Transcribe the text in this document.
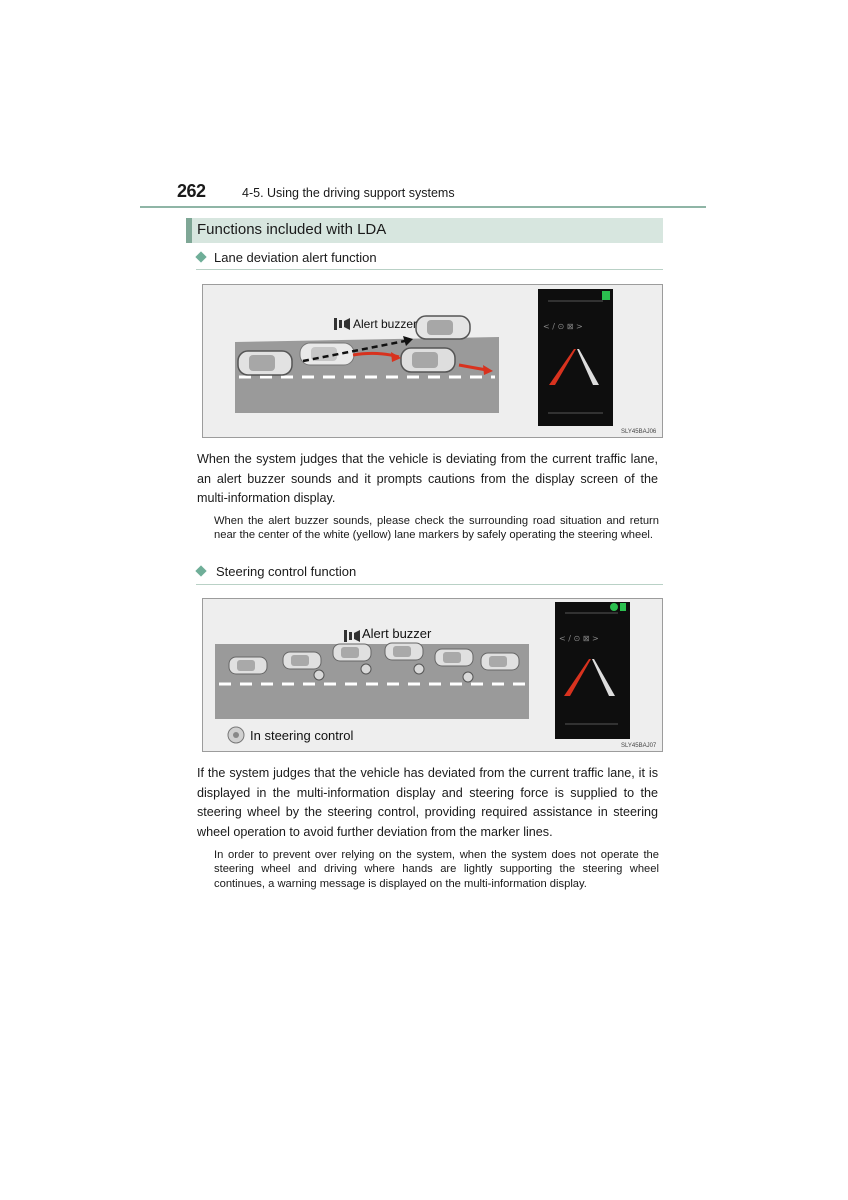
262	4-5. Using the driving support systems
Functions included with LDA
Lane deviation alert function
< / ⊙ ⊠ >
Alert buzzer
SLY45BAJ06
When the system judges that the vehicle is deviating from the current traffic lane, an alert buzzer sounds and it prompts cautions from the display screen of the multi-information display.
When the alert buzzer sounds, please check the surrounding road situation and return near the center of the white (yellow) lane markers by safely operating the steering wheel.
Steering control function
< / ⊙ ⊠ >
Alert buzzer
In steering control
SLY45BAJ07
If the system judges that the vehicle has deviated from the current traffic lane, it is displayed in the multi-information display and steering force is supplied to the steering wheel by the steering control, providing required assistance in steering wheel operation to avoid further deviation from the marker lines.
In order to prevent over relying on the system, when the system does not operate the steering wheel and driving where hands are lightly supporting the steering wheel continues, a warning message is displayed on the multi-information display.
